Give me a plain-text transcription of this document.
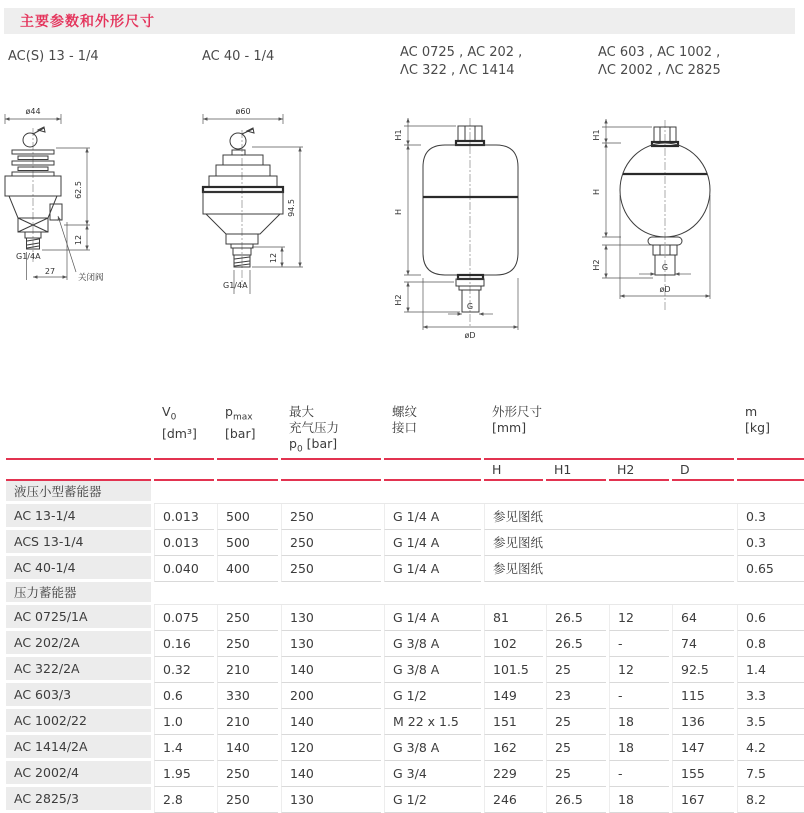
主要参数和外形尺寸
AC(S) 13 - 1/4	AC 40 - 1/4	AC 0725 , AC 202 ,
ΛC 322 , ΛC 1414
AC 603 , AC 1002 ,
ΛC 2002 , ΛC 2825
ø44
62.5
12
G1/4A
27
关闭阀
ø60
94.5
12
G1/4A
G
H1
H
H2
øD
G
H1
H
H2
øD

$V_0$
[dm³]

$p_{max}$
[bar]

最大
充气压力
$p_0$ [bar]

螺纹
接口

外形尺寸
[mm]

m
[kg]

					H	H1	H2	D	
液压小型蓄能器									
AC 13-1/4	0.013	500	250	G 1/4 A	参见图纸				0.3
ACS 13-1/4	0.013	500	250	G 1/4 A	参见图纸				0.3
AC 40-1/4	0.040	400	250	G 1/4 A	参见图纸				0.65
压力蓄能器									
AC 0725/1A	0.075	250	130	G 1/4 A	81	26.5	12	64	0.6
AC 202/2A	0.16	250	130	G 3/8 A	102	26.5	-	74	0.8
AC 322/2A	0.32	210	140	G 3/8 A	101.5	25	12	92.5	1.4
AC 603/3	0.6	330	200	G 1/2	149	23	-	115	3.3
AC 1002/22	1.0	210	140	M 22 x 1.5	151	25	18	136	3.5
AC 1414/2A	1.4	140	120	G 3/8 A	162	25	18	147	4.2
AC 2002/4	1.95	250	140	G 3/4	229	25	-	155	7.5
AC 2825/3	2.8	250	130	G 1/2	246	26.5	18	167	8.2
